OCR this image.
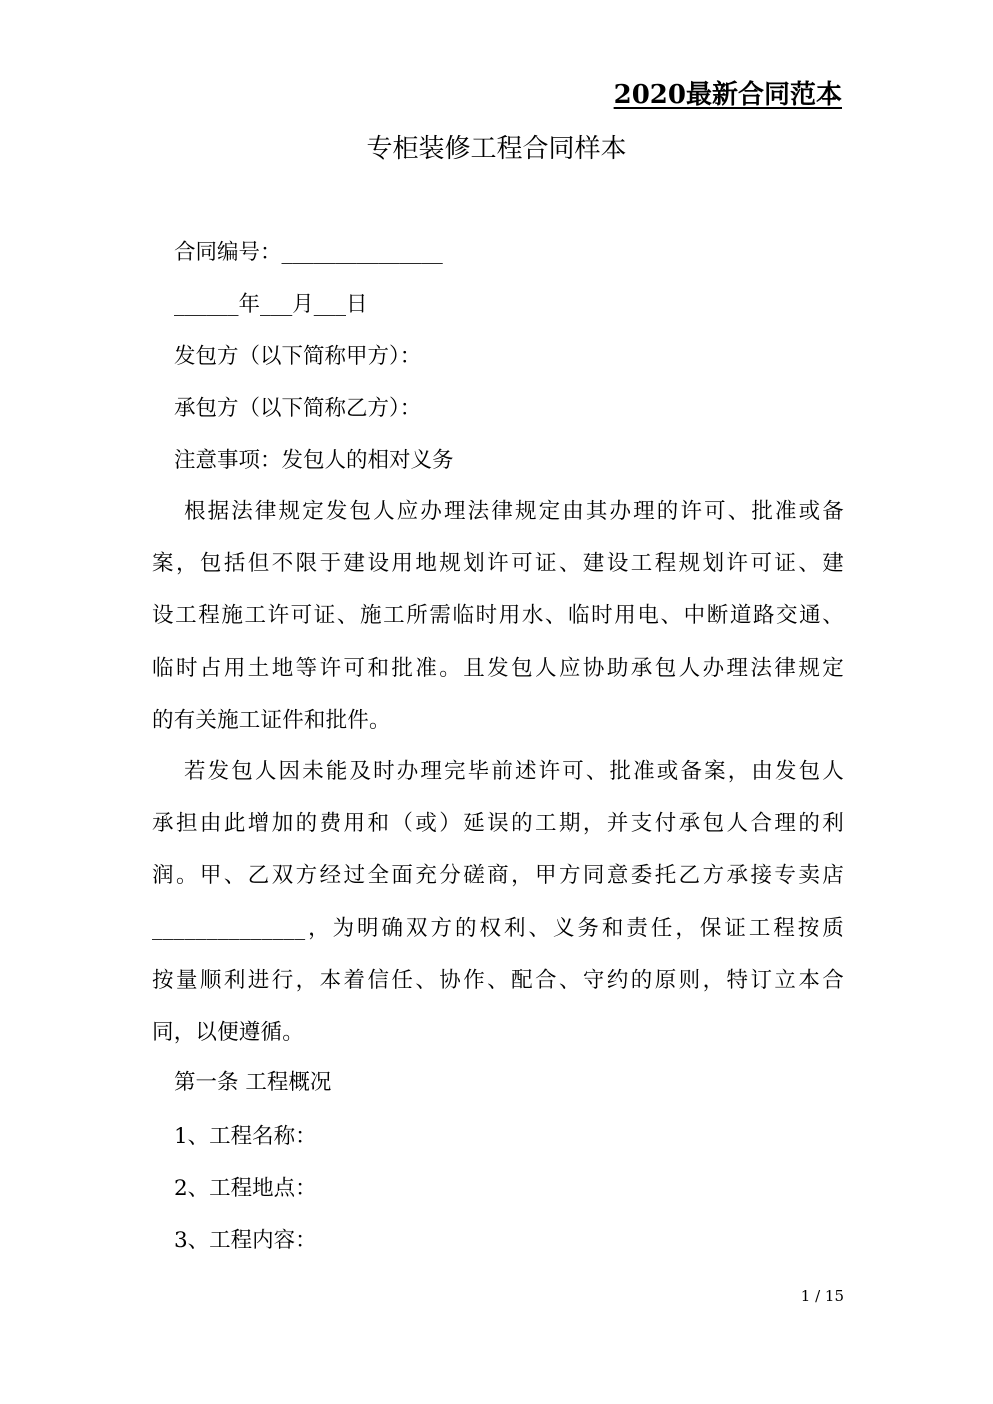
2020最新合同范本
专柜装修工程合同样本
合同编号：_______________
______年___月___日
发包方（以下简称甲方）：
承包方（以下简称乙方）：
注意事项：发包人的相对义务
根据法律规定发包人应办理法律规定由其办理的许可、批准或备
案，包括但不限于建设用地规划许可证、建设工程规划许可证、建
设工程施工许可证、施工所需临时用水、临时用电、中断道路交通、
临时占用土地等许可和批准。且发包人应协助承包人办理法律规定
的有关施工证件和批件。
若发包人因未能及时办理完毕前述许可、批准或备案，由发包人
承担由此增加的费用和（或）延误的工期，并支付承包人合理的利
润。甲、乙双方经过全面充分磋商，甲方同意委托乙方承接专卖店
______________，为明确双方的权利、义务和责任，保证工程按质
按量顺利进行，本着信任、协作、配合、守约的原则，特订立本合
同，以便遵循。
第一条 工程概况
1、工程名称：
2、工程地点：
3、工程内容：
1 / 15
